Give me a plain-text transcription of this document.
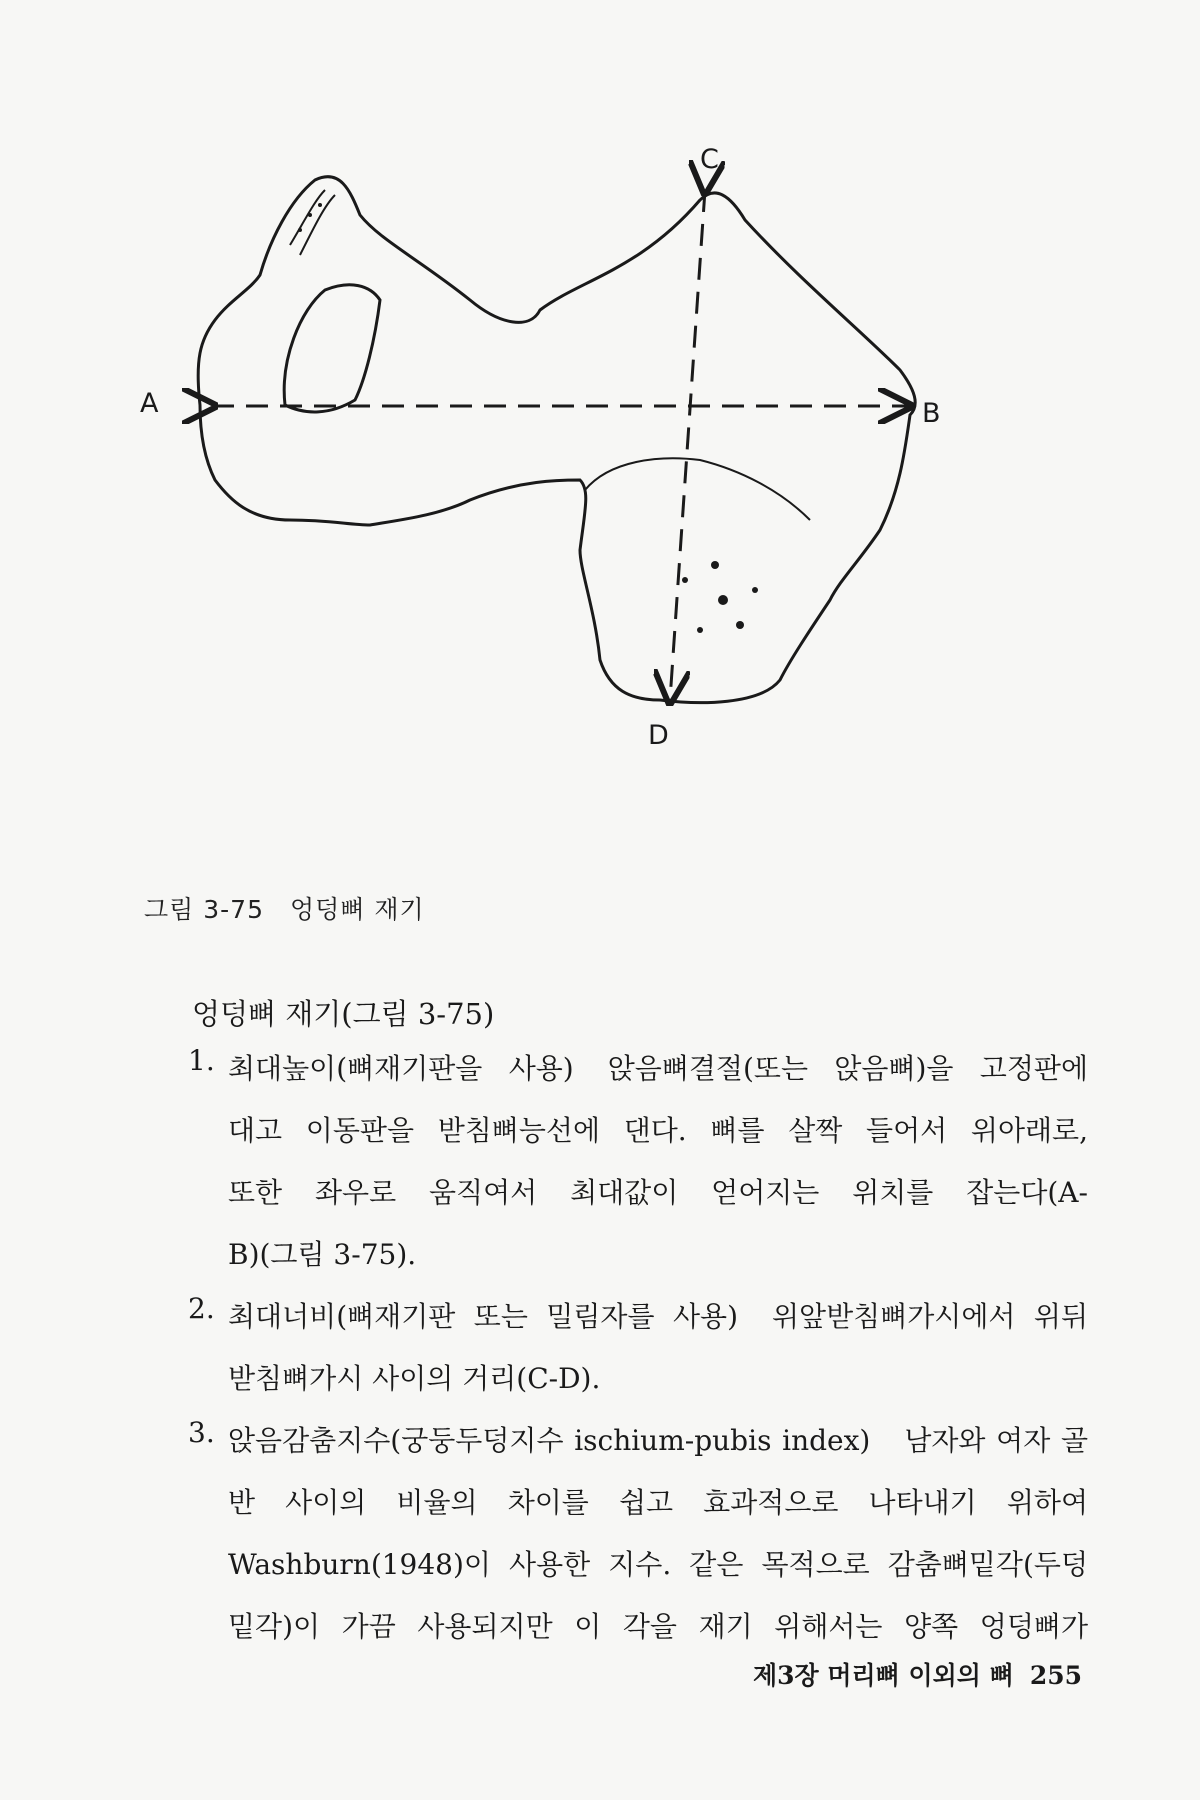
A	B
C
D
그림 3-75 엉덩뼈 재기
엉덩뼈 재기(그림 3-75)
1. 최대높이(뼈재기판을 사용) 앉음뼈결절(또는 앉음뼈)을 고정판에
대고 이동판을 받침뼈능선에 댄다. 뼈를 살짝 들어서 위아래로,
또한 좌우로 움직여서 최대값이 얻어지는 위치를 잡는다(A-
B)(그림 3-75).
2. 최대너비(뼈재기판 또는 밀림자를 사용) 위앞받침뼈가시에서 위뒤
받침뼈가시 사이의 거리(C-D).
3. 앉음감춤지수(궁둥두덩지수 ischium-pubis index) 남자와 여자 골
반 사이의 비율의 차이를 쉽고 효과적으로 나타내기 위하여
Washburn(1948)이 사용한 지수. 같은 목적으로 감춤뼈밑각(두덩
밑각)이 가끔 사용되지만 이 각을 재기 위해서는 양쪽 엉덩뼈가
제3장 머리뼈 이외의 뼈 255
